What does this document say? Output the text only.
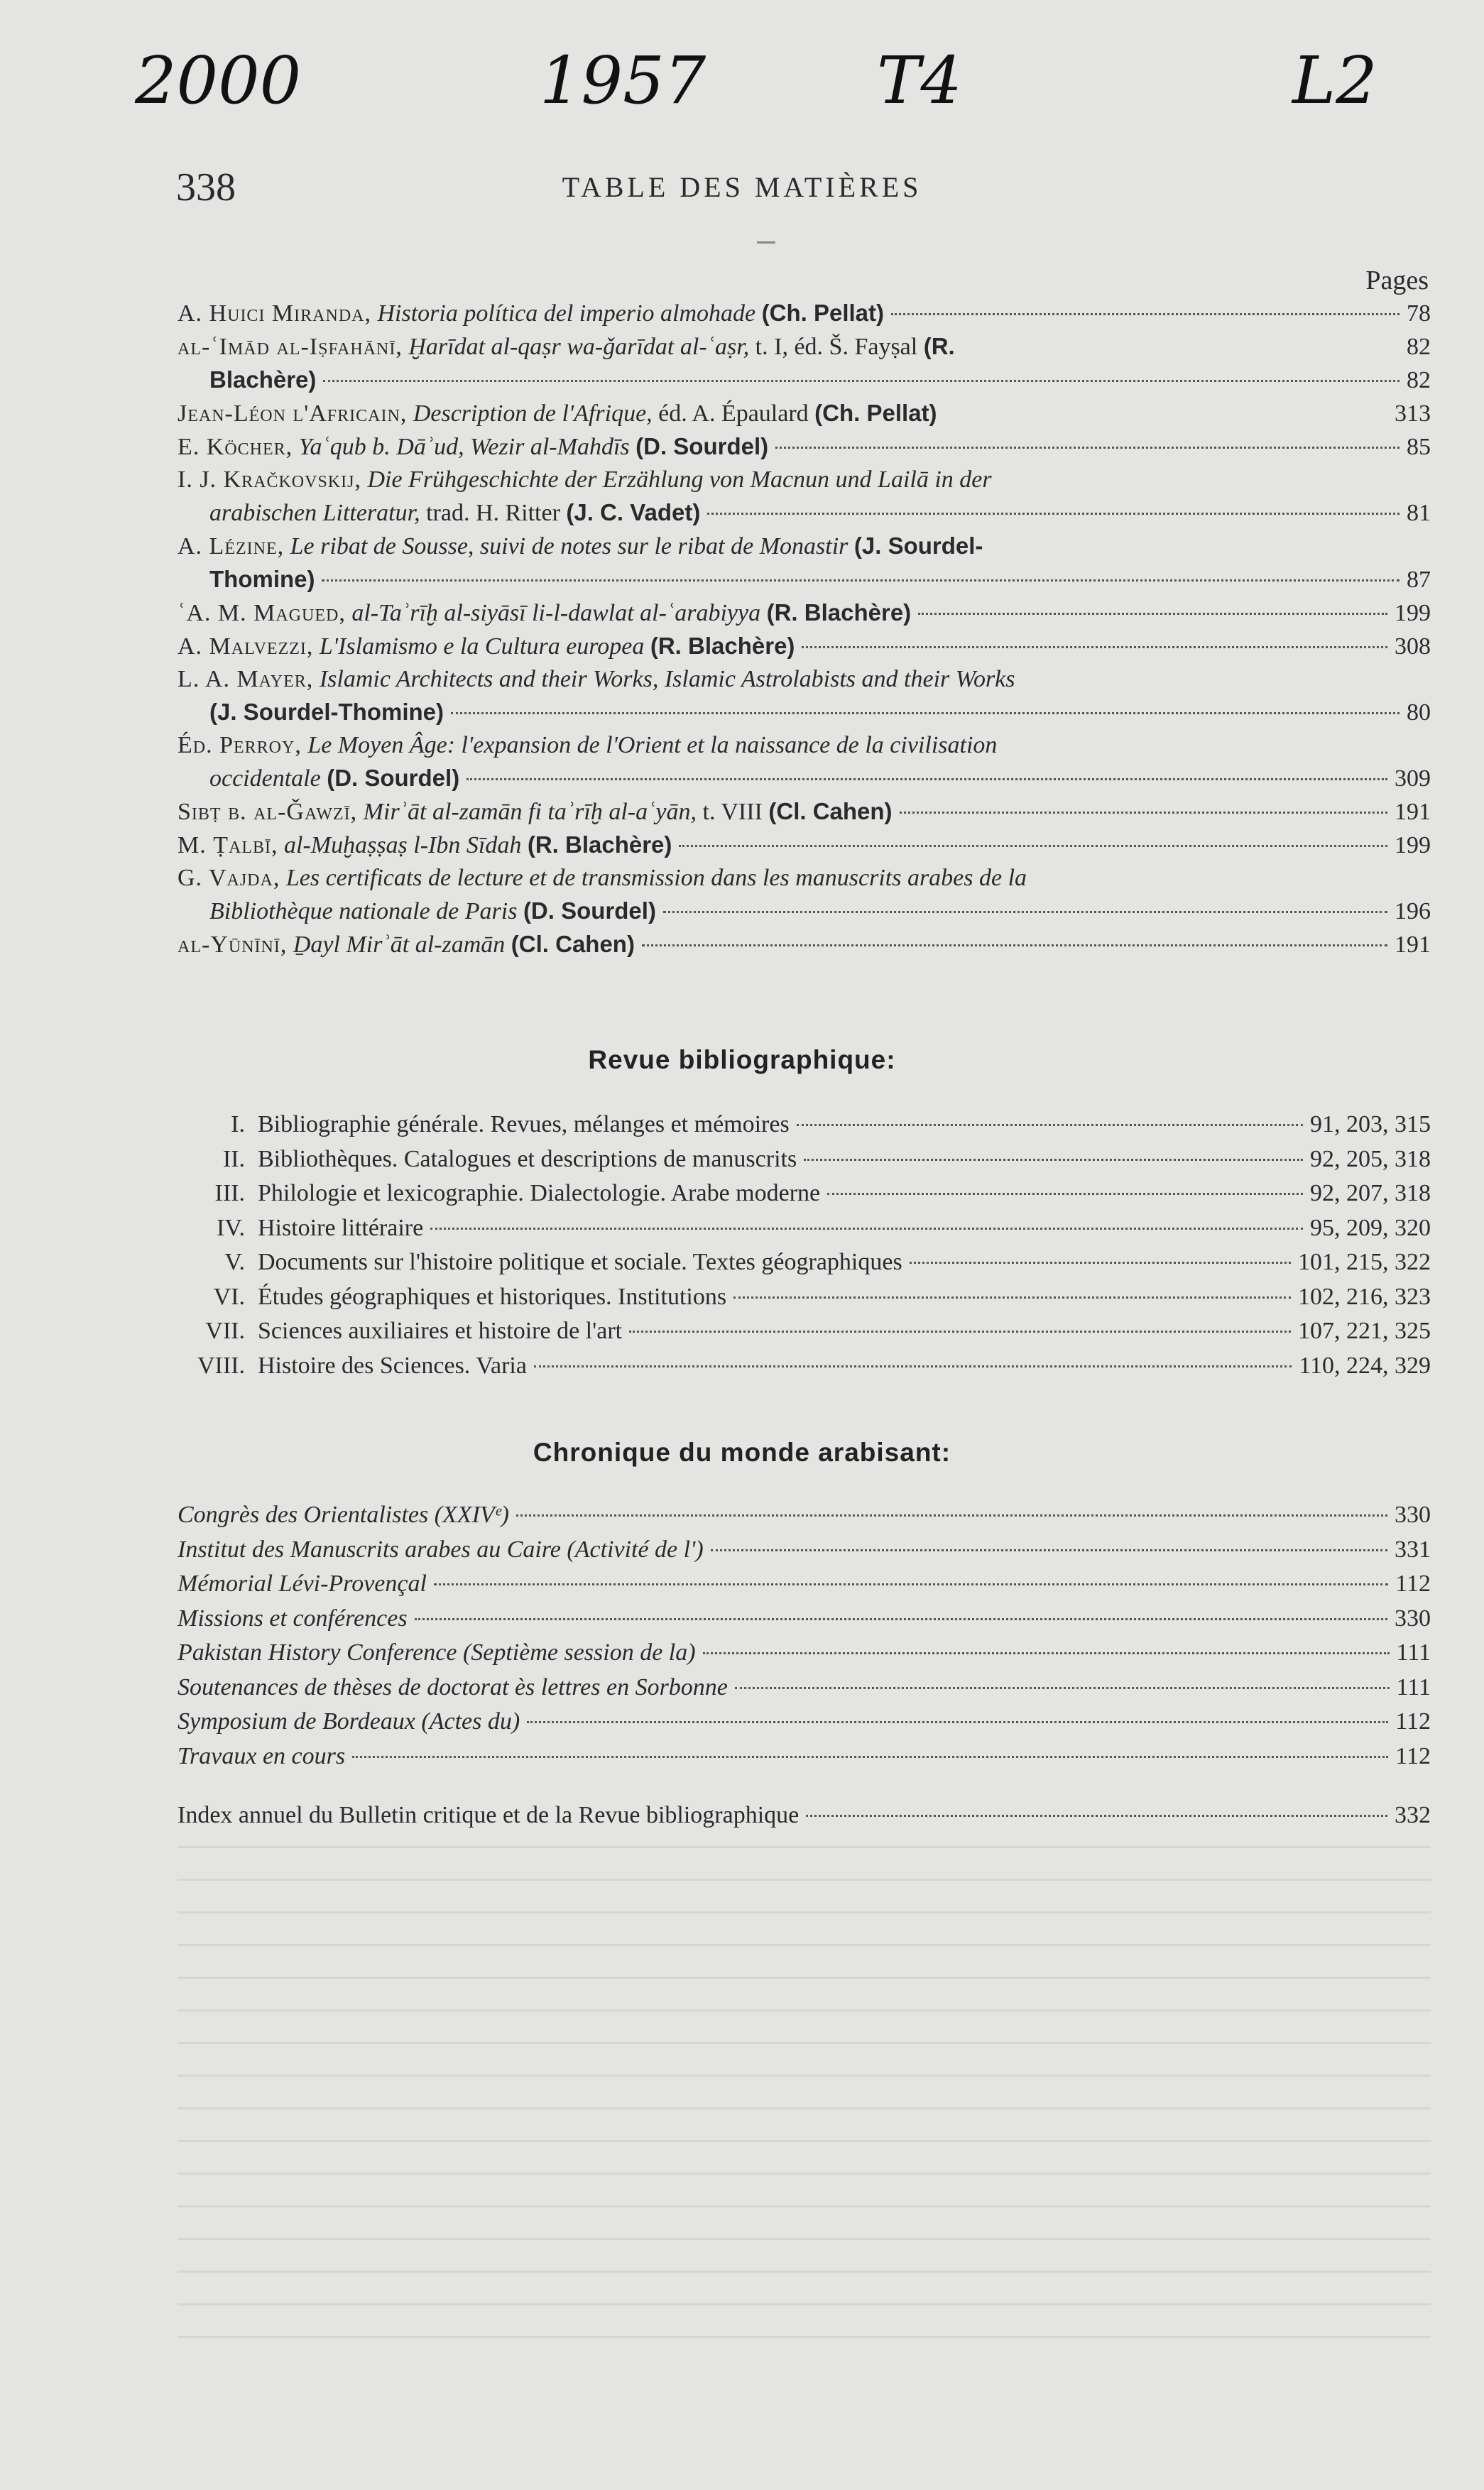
2000	1957	T4	L2
338	TABLE DES MATIÈRES
Pages
A. Huici Miranda, Historia política del imperio almohade (Ch. Pellat)	78
al-ʿImād al-Iṣfahānī, Ḫarīdat al-qaṣr wa-ǧarīdat al-ʿaṣr, t. I, éd. Š. Fayṣal (R.	82
Blachère)	82
Jean-Léon l'Africain, Description de l'Afrique, éd. A. Épaulard (Ch. Pellat)	313
E. Köcher, Yaʿqub b. Dāʾud, Wezir al-Mahdīs (D. Sourdel)	85
I. J. Kračkovskij, Die Frühgeschichte der Erzählung von Macnun und Lailā in der
arabischen Litteratur, trad. H. Ritter (J. C. Vadet)	81
A. Lézine, Le ribat de Sousse, suivi de notes sur le ribat de Monastir (J. Sourdel-
Thomine)	87
ʿA. M. Magued, al-Taʾrīḫ al-siyāsī li-l-dawlat al-ʿarabiyya (R. Blachère)	199
A. Malvezzi, L'Islamismo e la Cultura europea (R. Blachère)	308
L. A. Mayer, Islamic Architects and their Works, Islamic Astrolabists and their Works
(J. Sourdel-Thomine)	80
Éd. Perroy, Le Moyen Âge: l'expansion de l'Orient et la naissance de la civilisation
occidentale (D. Sourdel)	309
Sibṭ b. al-Ǧawzī, Mirʾāt al-zamān fi taʾrīḫ al-aʿyān, t. VIII (Cl. Cahen)	191
M. Ṭalbī, al-Muḫaṣṣaṣ l-Ibn Sīdah (R. Blachère)	199
G. Vajda, Les certificats de lecture et de transmission dans les manuscrits arabes de la
Bibliothèque nationale de Paris (D. Sourdel)	196
al-Yūnīnī, Ḏayl Mirʾāt al-zamān (Cl. Cahen)	191
Revue bibliographique:
I. Bibliographie générale. Revues, mélanges et mémoires	91, 203, 315
II. Bibliothèques. Catalogues et descriptions de manuscrits	92, 205, 318
III. Philologie et lexicographie. Dialectologie. Arabe moderne	92, 207, 318
IV. Histoire littéraire	95, 209, 320
V. Documents sur l'histoire politique et sociale. Textes géographiques	101, 215, 322
VI. Études géographiques et historiques. Institutions	102, 216, 323
VII. Sciences auxiliaires et histoire de l'art	107, 221, 325
VIII. Histoire des Sciences. Varia	110, 224, 329
Chronique du monde arabisant:
Congrès des Orientalistes (XXIVᵉ)	330
Institut des Manuscrits arabes au Caire (Activité de l')	331
Mémorial Lévi-Provençal	112
Missions et conférences	330
Pakistan History Conference (Septième session de la)	111
Soutenances de thèses de doctorat ès lettres en Sorbonne	111
Symposium de Bordeaux (Actes du)	112
Travaux en cours	112
Index annuel du Bulletin critique et de la Revue bibliographique	332
